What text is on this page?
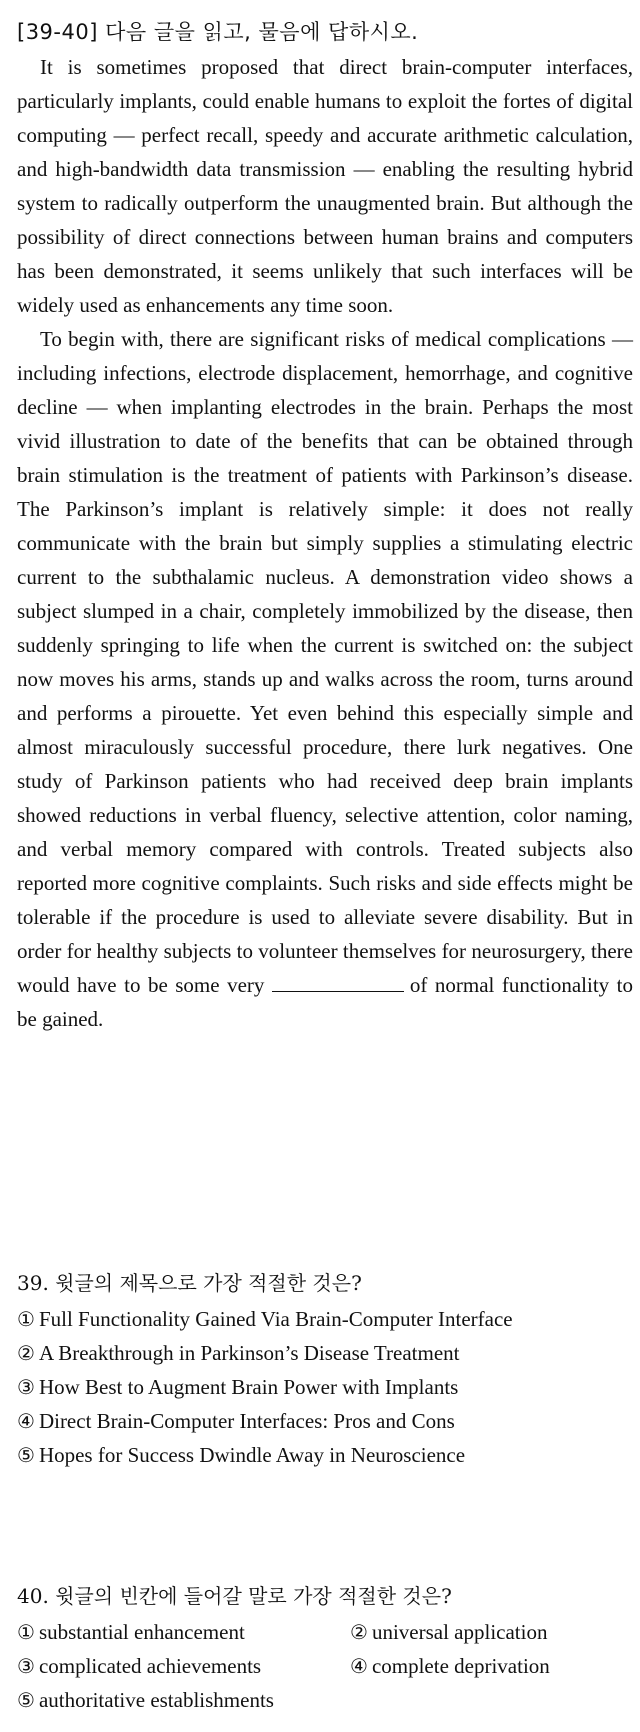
[39-40] 다음 글을 읽고, 물음에 답하시오.

It is sometimes proposed that direct brain-computer interfaces, particularly implants, could enable humans to exploit the fortes of digital computing — perfect recall, speedy and accurate arithmetic calculation, and high-bandwidth data transmission — enabling the resulting hybrid system to radically outperform the unaugmented brain. But although the possibility of direct connections between human brains and computers has been demonstrated, it seems unlikely that such interfaces will be widely used as enhancements any time soon.

To begin with, there are significant risks of medical complications — including infections, electrode displacement, hemorrhage, and cognitive decline — when implanting electrodes in the brain. Perhaps the most vivid illustration to date of the benefits that can be obtained through brain stimulation is the treatment of patients with Parkinson’s disease. The Parkinson’s implant is relatively simple: it does not really communicate with the brain but simply supplies a stimulating electric current to the subthalamic nucleus. A demonstration video shows a subject slumped in a chair, completely immobilized by the disease, then suddenly springing to life when the current is switched on: the subject now moves his arms, stands up and walks across the room, turns around and performs a pirouette. Yet even behind this especially simple and almost miraculously successful procedure, there lurk negatives. One study of Parkinson patients who had received deep brain implants showed reductions in verbal fluency, selective attention, color naming, and verbal memory compared with controls. Treated subjects also reported more cognitive complaints. Such risks and side effects might be tolerable if the procedure is used to alleviate severe disability. But in order for healthy subjects to volunteer themselves for neurosurgery, there would have to be some very	of normal functionality to be gained.

39. 윗글의 제목으로 가장 적절한 것은?
① Full Functionality Gained Via Brain-Computer Interface
② A Breakthrough in Parkinson’s Disease Treatment
③ How Best to Augment Brain Power with Implants
④ Direct Brain-Computer Interfaces: Pros and Cons
⑤ Hopes for Success Dwindle Away in Neuroscience
40. 윗글의 빈칸에 들어갈 말로 가장 적절한 것은?
① substantial enhancement	② universal application
③ complicated achievements	④ complete deprivation
⑤ authoritative establishments
